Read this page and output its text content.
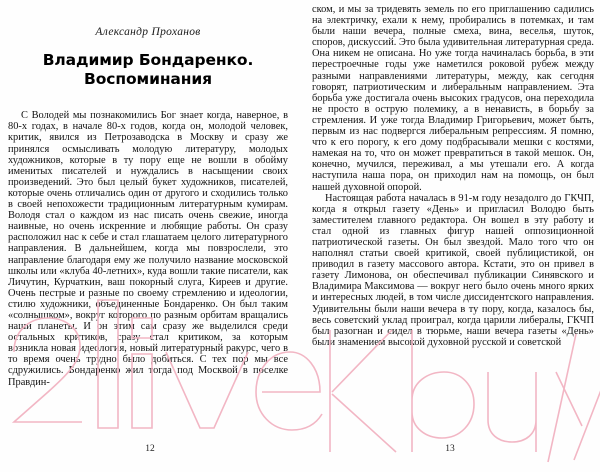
Александр Проханов
Владимир Бондаренко.
Воспоминания

С Володей мы познакомились Бог знает когда, наверное, в 80-х годах, в начале 80-х годов, когда он, молодой человек, критик, явился из Петрозаводска в Москву и сразу же принялся осмысливать молодую литературу, молодых художников, которые в ту пору еще не вошли в обойму именитых писателей и нуждались в насыщении своих произведений. Это был целый букет художников, писателей, которые очень отличались один от другого и сходились только в своей непохожести традиционным литературным кумирам. Володя стал о каждом из нас писать очень свежие, иногда наивные, но очень искренние и любящие работы. Он сразу расположил нас к себе и стал глашатаем целого литературного направления. В дальнейшем, когда мы повзрослели, это направление благодаря ему же получило название московской школы или «клуба 40-летних», куда вошли такие писатели, как Личутин, Курчаткин, ваш покорный слуга, Киреев и другие. Очень пестрые и разные по своему стремлению и идеологии, стилю художники, объединенные Бондаренко. Он был таким «солнышком», вокруг которого по разным орбитам вращались наши планеты. И он этим сам сразу же выделился среди остальных критиков, сразу стал критиком, за которым возникла новая идеология, новый литературный ракурс, чего в то время очень трудно было добиться. С тех пор мы все сдружились. Бондаренко жил тогда под Москвой в поселке Правдин-

ском, и мы за тридевять земель по его приглашению садились на электричку, ехали к нему, пробирались в потемках, и там были наши вечера, полные смеха, вина, веселья, шуток, споров, дискуссий. Это была удивительная литературная среда. Она никем не описана. Но уже тогда начиналась борьба, в эти перестроечные годы уже наметился роковой рубеж между разными направлениями литературы, между, как сегодня говорят, патриотическим и либеральным направлением. Эта борьба уже достигала очень высоких градусов, она переходила не просто в острую полемику, а в ненависть, в борьбу за стремления. И уже тогда Владимир Григорьевич, может быть, первым из нас подвергся либеральным репрессиям. Я помню, что к его порогу, к его дому подбрасывали мешки с костями, намекая на то, что он может превратиться в такой мешок. Он, конечно, мучился, переживал, а мы утешали его. А когда наступила наша пора, он приходил нам на помощь, он был нашей духовной опорой.

Настоящая работа началась в 91-м году незадолго до ГКЧП, когда я открыл газету «День» и пригласил Володю быть заместителем главного редактора. Он вошел в эту работу и стал одной из главных фигур нашей оппозиционной патриотической газеты. Он был звездой. Мало того что он наполнял статьи своей критикой, своей публицистикой, он приводил в газету массового автора. Кстати, это он привел в газету Лимонова, он обеспечивал публикации Синявского и Владимира Максимова — вокруг него было очень много ярких и интересных людей, в том числе диссидентского направления. Удивительны были наши вечера в ту пору, когда, казалось бы, весь советский уклад проиграл, когда царили либералы, ГКЧП был разогнан и сидел в тюрьме, наши вечера газеты «День» были знамением высокой духовной русской и советской

12	13
